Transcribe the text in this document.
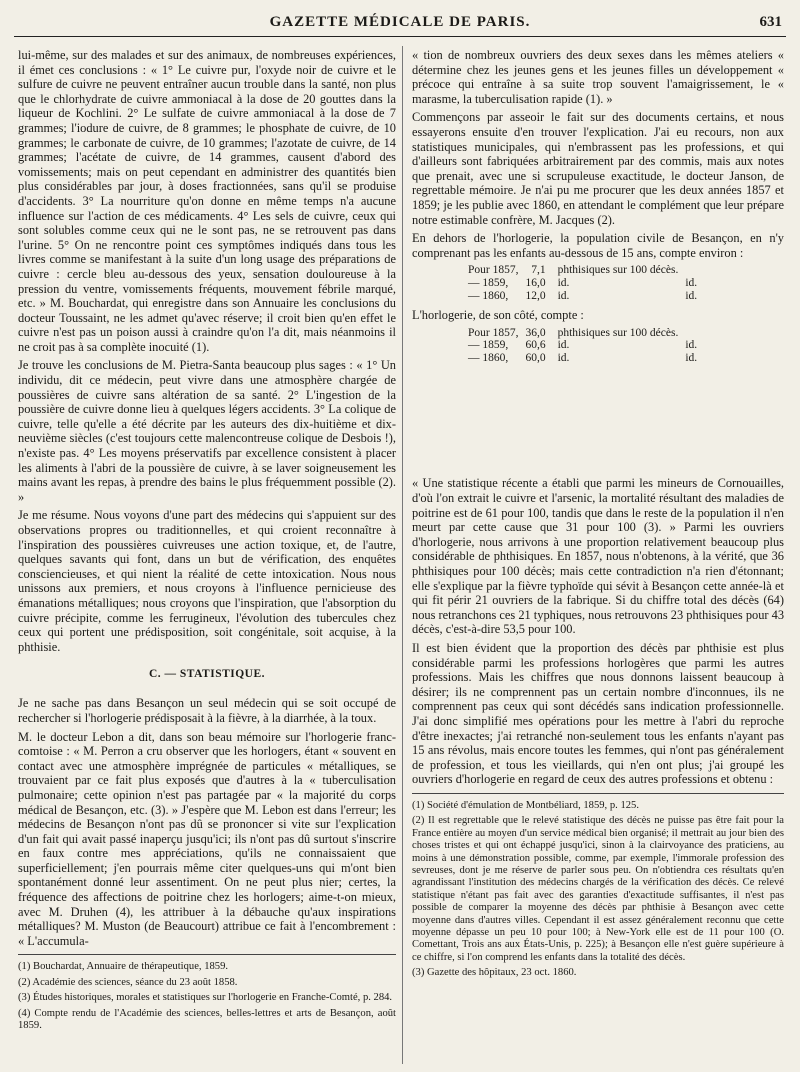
GAZETTE MÉDICALE DE PARIS.	631

lui-même, sur des malades et sur des animaux, de nombreuses expériences, il émet ces conclusions : « 1° Le cuivre pur, l'oxyde noir de cuivre et le sulfure de cuivre ne peuvent entraîner aucun trouble dans la santé, non plus que le chlorhydrate de cuivre ammoniacal à la dose de 20 gouttes dans la liqueur de Kochlini. 2° Le sulfate de cuivre ammoniacal à la dose de 7 grammes; l'iodure de cuivre, de 8 grammes; le phosphate de cuivre, de 10 grammes; le carbonate de cuivre, de 10 grammes; l'azotate de cuivre, de 14 grammes; l'acétate de cuivre, de 14 grammes, causent d'abord des vomissements; mais on peut cependant en administrer des quantités bien plus considérables par jour, à doses fractionnées, sans qu'il se produise d'accidents. 3° La nourriture qu'on donne en même temps n'a aucune influence sur l'action de ces médicaments. 4° Les sels de cuivre, ceux qui sont solubles comme ceux qui ne le sont pas, ne se retrouvent pas dans l'urine. 5° On ne rencontre point ces symptômes indiqués dans tous les livres comme se manifestant à la suite d'un long usage des préparations de cuivre : cercle bleu au-dessous des yeux, sensation douloureuse à la pression du ventre, vomissements fréquents, mouvement fébrile marqué, etc. » M. Bouchardat, qui enregistre dans son Annuaire les conclusions du docteur Toussaint, ne les admet qu'avec réserve; il croit bien qu'en effet le cuivre n'est pas un poison aussi à craindre qu'on l'a dit, mais néanmoins il ne croit pas à sa complète inocuité (1).

Je trouve les conclusions de M. Pietra-Santa beaucoup plus sages : « 1° Un individu, dit ce médecin, peut vivre dans une atmosphère chargée de poussières de cuivre sans altération de sa santé. 2° L'ingestion de la poussière de cuivre donne lieu à quelques légers accidents. 3° La colique de cuivre, telle qu'elle a été décrite par les auteurs des dix-huitième et dix-neuvième siècles (c'est toujours cette malencontreuse colique de Desbois !), n'existe pas. 4° Les moyens préservatifs par excellence consistent à placer les aliments à l'abri de la poussière de cuivre, à se laver soigneusement les mains avant les repas, à prendre des bains le plus fréquemment possible (2). »

Je me résume. Nous voyons d'une part des médecins qui s'appuient sur des observations propres ou traditionnelles, et qui croient reconnaître à l'inspiration des poussières cuivreuses une action toxique, et, de l'autre, quelques savants qui font, dans un but de vérification, des enquêtes consciencieuses, et qui nient la réalité de cette intoxication. Nous nous unissons aux premiers, et nous croyons à l'influence pernicieuse des émanations métalliques; nous croyons que l'inspiration, que l'absorption du cuivre précipite, comme les ferrugineux, l'évolution des tubercules chez ceux qui portent une prédisposition, soit congénitale, soit acquise, à la phthisie.

C. — STATISTIQUE.

Je ne sache pas dans Besançon un seul médecin qui se soit occupé de rechercher si l'horlogerie prédisposait à la fièvre, à la diarrhée, à la toux.

M. le docteur Lebon a dit, dans son beau mémoire sur l'horlogerie franc-comtoise : « M. Perron a cru observer que les horlogers, étant « souvent en contact avec une atmosphère imprégnée de particules « métalliques, se trouvaient par ce fait plus exposés que d'autres à la « tuberculisation pulmonaire; cette opinion n'est pas partagée par « la majorité du corps médical de Besançon, etc. (3). » J'espère que M. Lebon est dans l'erreur; les médecins de Besançon n'ont pas dû se prononcer si vite sur l'explication d'un fait qui avait passé inaperçu jusqu'ici; ils n'ont pas dû surtout s'inscrire en faux contre mes appréciations, qu'ils ne connaissaient que superficiellement; j'en pourrais même citer quelques-uns qui m'ont bien spontanément donné leur assentiment. On ne peut plus nier; certes, la fréquence des affections de poitrine chez les horlogers; aime-t-on mieux, avec M. Druhen (4), les attribuer à la débauche qu'aux inspirations métalliques? M. Muston (de Beaucourt) attribue ce fait à l'encombrement : « L'accumula-

(1) Bouchardat, Annuaire de thérapeutique, 1859.

(2) Académie des sciences, séance du 23 août 1858.

(3) Études historiques, morales et statistiques sur l'horlogerie en Franche-Comté, p. 284.

(4) Compte rendu de l'Académie des sciences, belles-lettres et arts de Besançon, août 1859.

« tion de nombreux ouvriers des deux sexes dans les mêmes ateliers « détermine chez les jeunes gens et les jeunes filles un développement « précoce qui entraîne à sa suite trop souvent l'amaigrissement, le « marasme, la tuberculisation rapide (1). »

Commençons par asseoir le fait sur des documents certains, et nous essayerons ensuite d'en trouver l'explication. J'ai eu recours, non aux statistiques municipales, qui n'embrassent pas les professions, et qui d'ailleurs sont fabriquées arbitrairement par des commis, mais aux notes que prenait, avec une si scrupuleuse exactitude, le docteur Janson, de regrettable mémoire. Je n'ai pu me procurer que les deux années 1857 et 1859; je les publie avec 1860, en attendant le complément que leur prépare notre estimable confrère, M. Jacques (2).

En dehors de l'horlogerie, la population civile de Besançon, en n'y comprenant pas les enfants au-dessous de 15 ans, compte environ :

Pour 1857,	7,1	phthisiques sur 100 décès.	
— 1859,	16,0	id.	id.
— 1860,	12,0	id.	id.

L'horlogerie, de son côté, compte :

Pour 1857,	36,0	phthisiques sur 100 décès.	
— 1859,	60,6	id.	id.
— 1860,	60,0	id.	id.

« Une statistique récente a établi que parmi les mineurs de Cornouailles, d'où l'on extrait le cuivre et l'arsenic, la mortalité résultant des maladies de poitrine est de 61 pour 100, tandis que dans le reste de la population il n'en meurt par cette cause que 31 pour 100 (3). » Parmi les ouvriers d'horlogerie, nous arrivons à une proportion relativement beaucoup plus considérable de phthisiques. En 1857, nous n'obtenons, à la vérité, que 36 phthisiques pour 100 décès; mais cette contradiction n'a rien d'étonnant; elle s'explique par la fièvre typhoïde qui sévit à Besançon cette année-là et qui fit périr 21 ouvriers de la fabrique. Si du chiffre total des décès (64) nous retranchons ces 21 typhiques, nous retrouvons 23 phthisiques pour 43 décès, c'est-à-dire 53,5 pour 100.

Il est bien évident que la proportion des décès par phthisie est plus considérable parmi les professions horlogères que parmi les autres professions. Mais les chiffres que nous donnons laissent beaucoup à désirer; ils ne comprennent pas un certain nombre d'inconnues, ils ne comprennent pas ceux qui sont décédés sans indication professionnelle. J'ai donc simplifié mes opérations pour les mettre à l'abri du reproche d'être inexactes; j'ai retranché non-seulement tous les enfants n'ayant pas 15 ans révolus, mais encore toutes les femmes, qui n'ont pas généralement de profession, et tous les vieillards, qui n'en ont plus; j'ai groupé les ouvriers d'horlogerie en regard de ceux des autres professions et obtenu :

(1) Société d'émulation de Montbéliard, 1859, p. 125.

(2) Il est regrettable que le relevé statistique des décès ne puisse pas être fait pour la France entière au moyen d'un service médical bien organisé; il mettrait au jour bien des choses tristes et qui ont échappé jusqu'ici, sinon à la clairvoyance des praticiens, au moins à une démonstration possible, comme, par exemple, l'immorale profession des sevreuses, dont je me réserve de parler sous peu. On n'obtiendra ces résultats qu'en agrandissant l'institution des médecins chargés de la vérification des décès. Ce relevé statistique n'étant pas fait avec des garanties d'exactitude suffisantes, il n'est pas possible de comparer la moyenne des décès par phthisie à Besançon avec cette moyenne dans d'autres villes. Cependant il est assez généralement reconnu que cette moyenne dépasse un peu 10 pour 100; à New-York elle est de 11 pour 100 (O. Comettant, Trois ans aux États-Unis, p. 225); à Besançon elle n'est guère supérieure à ce chiffre, si l'on comprend les enfants dans la totalité des décès.

(3) Gazette des hôpitaux, 23 oct. 1860.
